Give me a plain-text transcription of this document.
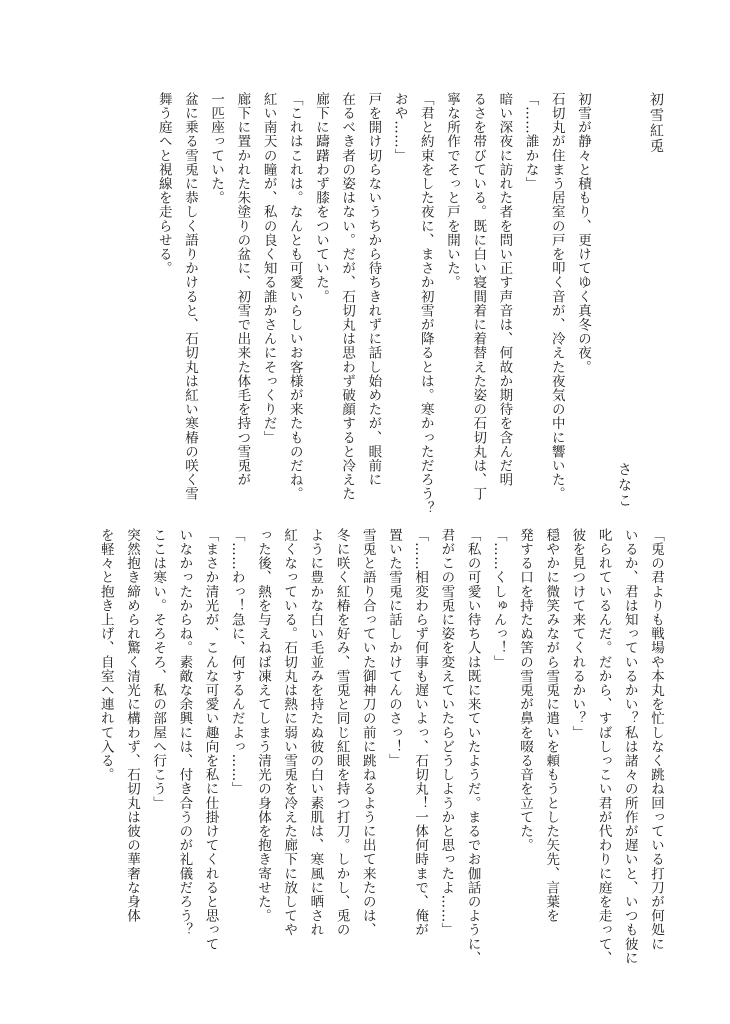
初雪紅兎
さなこ
初雪が静々と積もり、更けてゆく真冬の夜。
石切丸が住まう居室の戸を叩く音が、冷えた夜気の中に響いた。
「……誰かな」
暗い深夜に訪れた者を問い正す声音は、何故か期待を含んだ明
るさを帯びている。既に白い寝間着に着替えた姿の石切丸は、丁
寧な所作でそっと戸を開いた。
「君と約束をした夜に、まさか初雪が降るとは。寒かっただろう？
おや……」
戸を開け切らないうちから待ちきれずに話し始めたが、眼前に
在るべき者の姿はない。だが、石切丸は思わず破顔すると冷えた
廊下に躊躇わず膝をついていた。
「これはこれは。なんとも可愛いらしいお客様が来たものだね。
紅い南天の瞳が、私の良く知る誰かさんにそっくりだ」
廊下に置かれた朱塗りの盆に、初雪で出来た体毛を持つ雪兎が
一匹座っていた。
盆に乗る雪兎に恭しく語りかけると、石切丸は紅い寒椿の咲く雪
舞う庭へと視線を走らせる。
「兎の君よりも戦場や本丸を忙しなく跳ね回っている打刀が何処に
いるか、君は知っているかい？私は諸々の所作が遅いと、いつも彼に
叱られているんだ。だから、すばしっこい君が代わりに庭を走って、
彼を見つけて来てくれるかい？」
穏やかに微笑みながら雪兎に遣いを頼もうとした矢先、言葉を
発する口を持たぬ筈の雪兎が鼻を啜る音を立てた。
「……くしゅんっ！」
「私の可愛い待ち人は既に来ていたようだ。まるでお伽話のように、
君がこの雪兎に姿を変えていたらどうしようかと思ったよ……」
「……相変わらず何事も遅いよっ、石切丸！一体何時まで、俺が
置いた雪兎に話しかけてんのさっ！」
雪兎と語り合っていた御神刀の前に跳ねるように出て来たのは、
冬に咲く紅椿を好み、雪兎と同じ紅眼を持つ打刀。しかし、兎の
ように豊かな白い毛並みを持たぬ彼の白い素肌は、寒風に晒され
紅くなっている。石切丸は熱に弱い雪兎を冷えた廊下に放してや
った後、熱を与えねば凍えてしまう清光の身体を抱き寄せた。
「……わっ！急に、何するんだよっ……」
「まさか清光が、こんな可愛い趣向を私に仕掛けてくれると思って
いなかったからね。素敵な余興には、付き合うのが礼儀だろう？
ここは寒い。そろそろ、私の部屋へ行こう」
突然抱き締められ驚く清光に構わず、石切丸は彼の華奢な身体
を軽々と抱き上げ、自室へ連れて入る。
